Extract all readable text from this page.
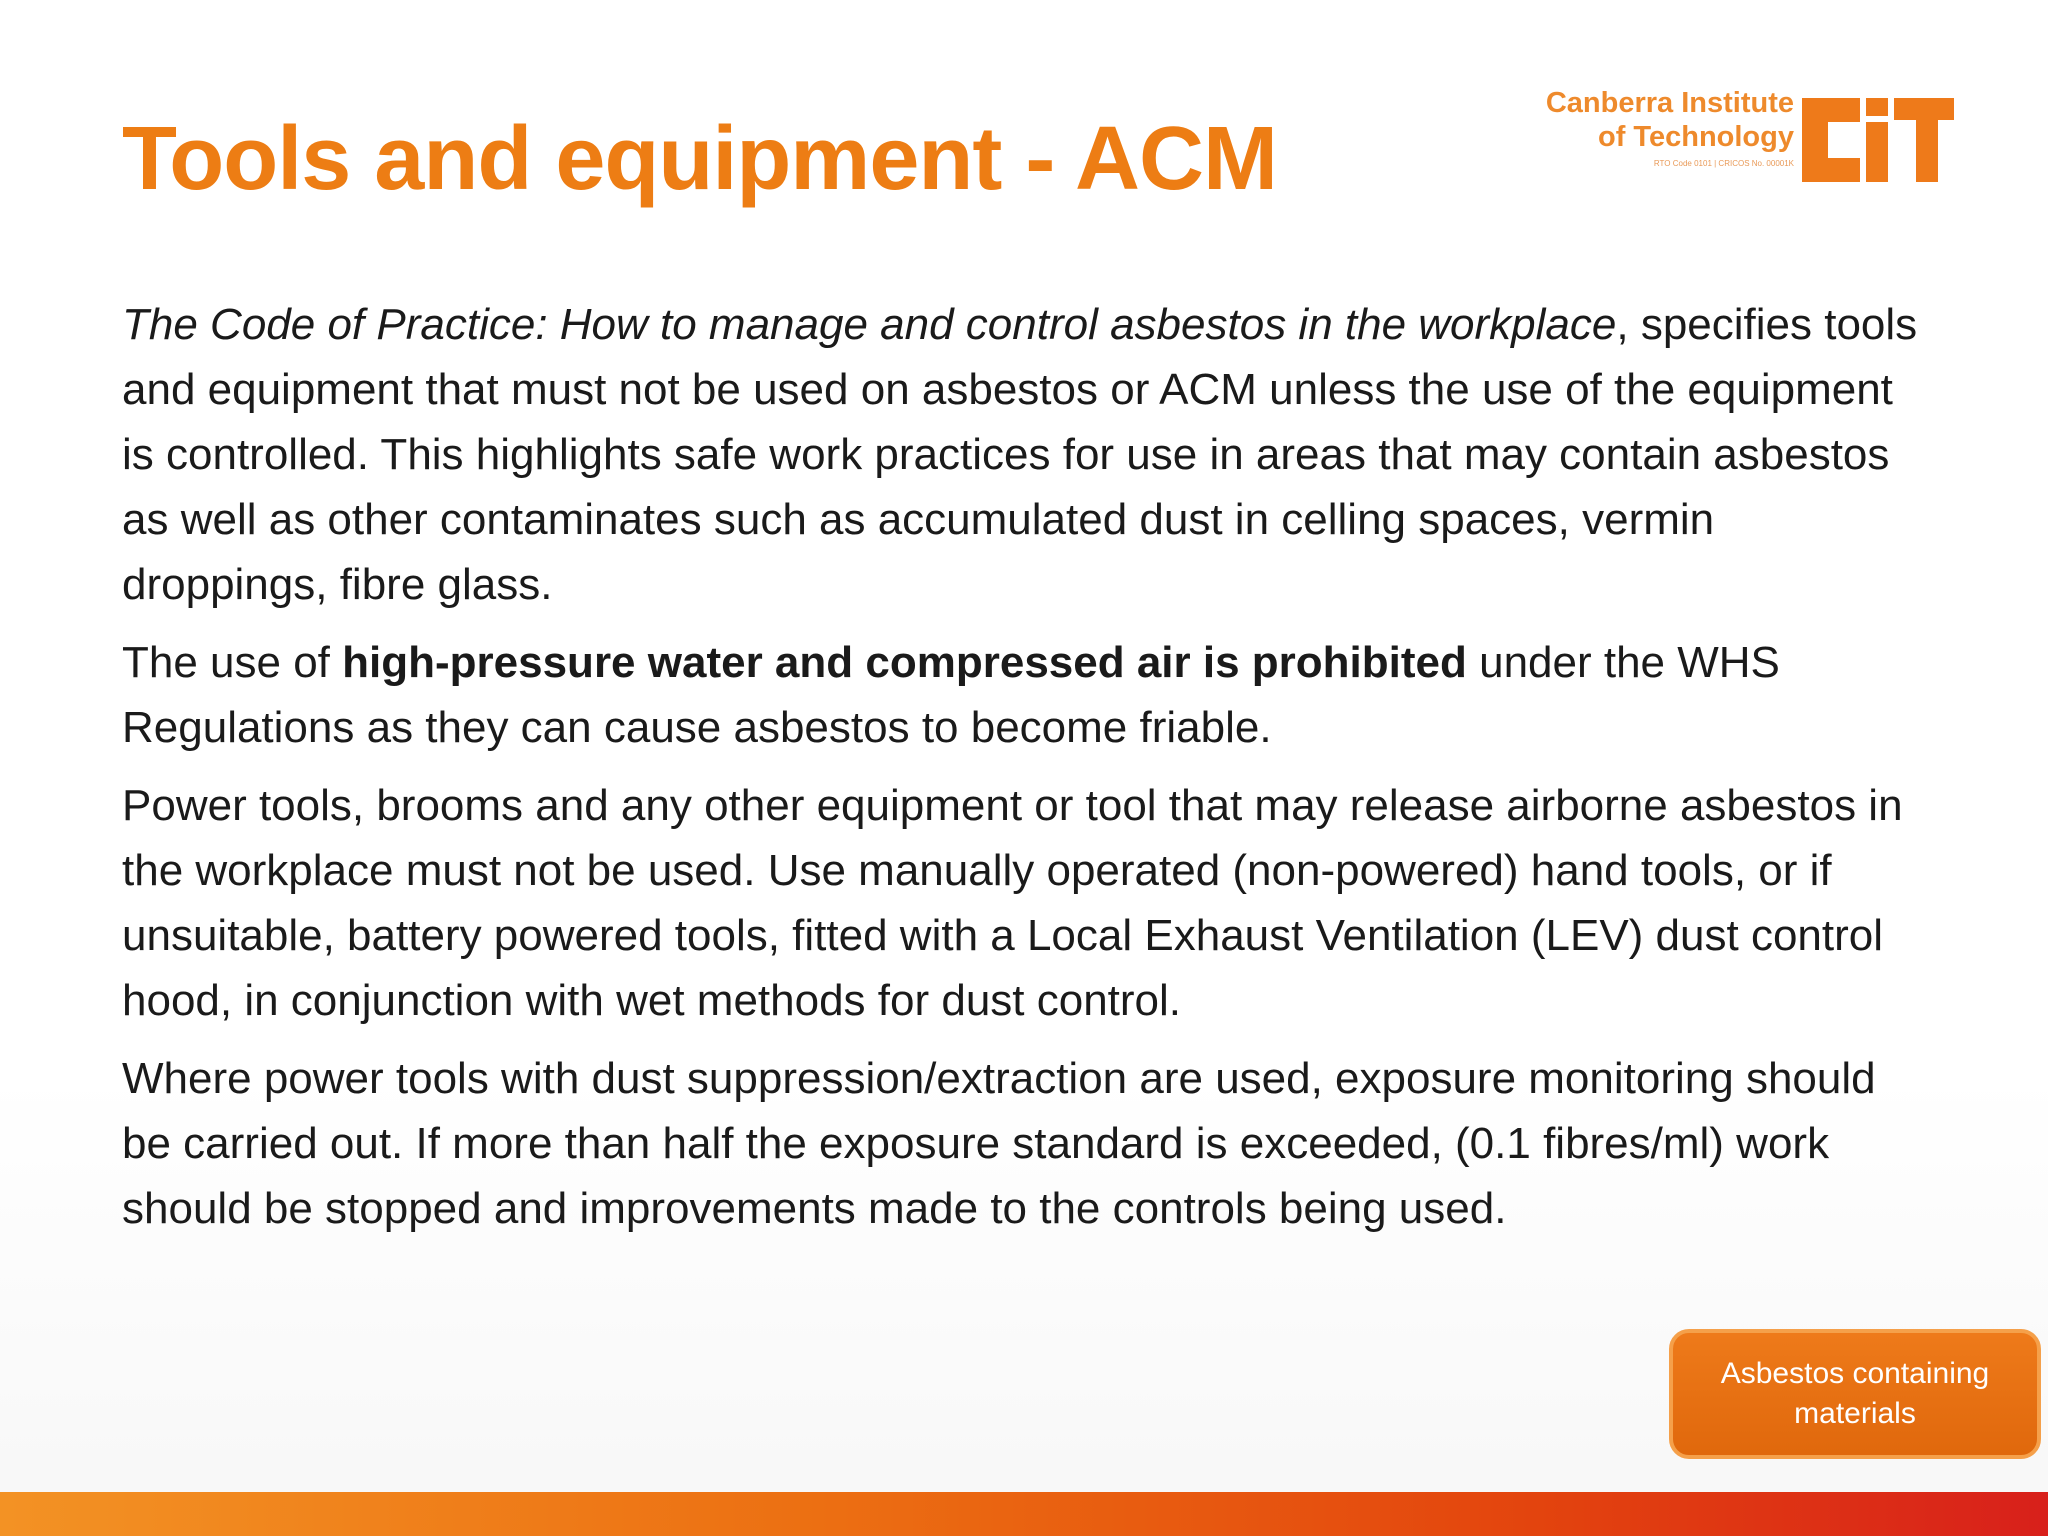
Tools and equipment - ACM
Canberra Institute
of Technology
RTO Code 0101 | CRICOS No. 00001K

The Code of Practice: How to manage and control asbestos in the workplace, specifies tools and equipment that must not be used on asbestos or ACM unless the use of the equipment is controlled. This highlights safe work practices for use in areas that may contain asbestos as well as other contaminates such as accumulated dust in celling spaces, vermin droppings, fibre glass.

The use of high-pressure water and compressed air is prohibited under the WHS Regulations as they can cause asbestos to become friable.

Power tools, brooms and any other equipment or tool that may release airborne asbestos in the workplace must not be used. Use manually operated (non-powered) hand tools, or if unsuitable, battery powered tools, fitted with a Local Exhaust Ventilation (LEV) dust control hood, in conjunction with wet methods for dust control.

Where power tools with dust suppression/extraction are used, exposure monitoring should be carried out. If more than half the exposure standard is exceeded, (0.1 fibres/ml) work should be stopped and improvements made to the controls being used.

Asbestos containing materials
